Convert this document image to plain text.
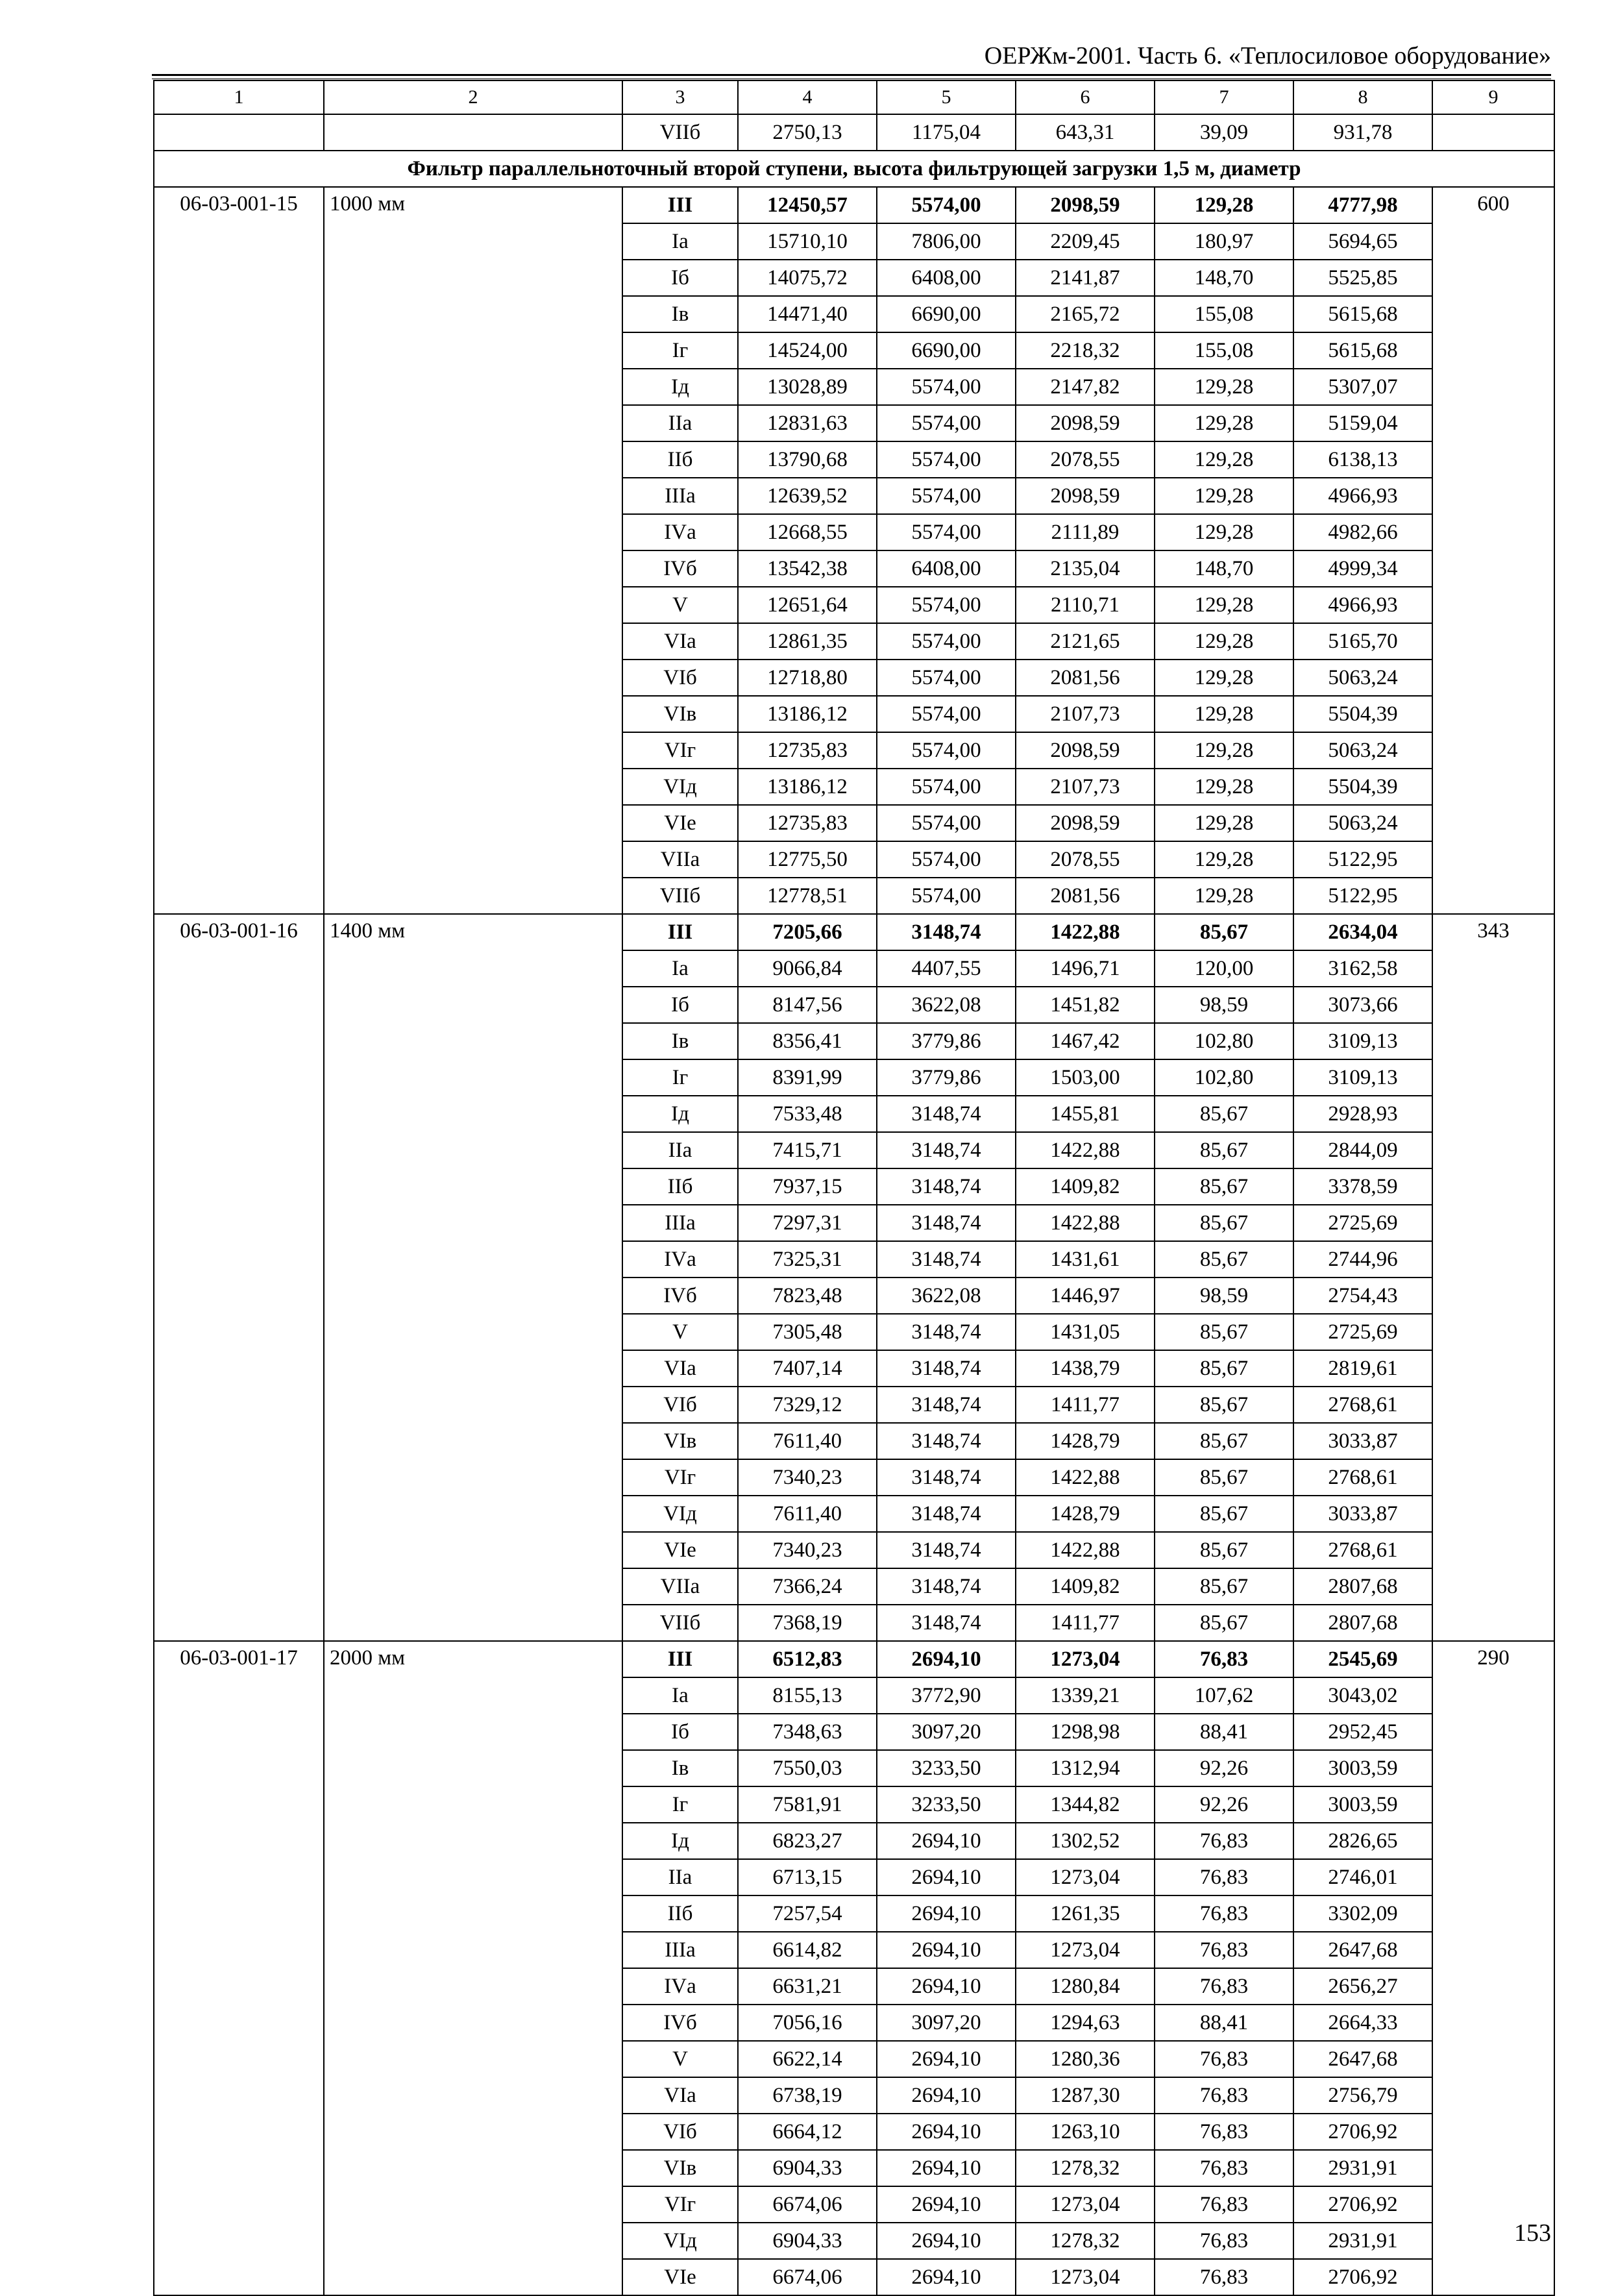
ОЕРЖм-2001. Часть 6. «Теплосиловое оборудование»
1	2	3	4	5	6	7	8	9
		VIIб	2750,13	1175,04	643,31	39,09	931,78	
Фильтр параллельноточный второй ступени, высота фильтрующей загрузки 1,5 м, диаметр								
06-03-001-15	1000 мм	III	12450,57	5574,00	2098,59	129,28	4777,98	600
		Iа	15710,10	7806,00	2209,45	180,97	5694,65	
		Iб	14075,72	6408,00	2141,87	148,70	5525,85	
		Iв	14471,40	6690,00	2165,72	155,08	5615,68	
		Iг	14524,00	6690,00	2218,32	155,08	5615,68	
		Iд	13028,89	5574,00	2147,82	129,28	5307,07	
		IIа	12831,63	5574,00	2098,59	129,28	5159,04	
		IIб	13790,68	5574,00	2078,55	129,28	6138,13	
		IIIа	12639,52	5574,00	2098,59	129,28	4966,93	
		IVа	12668,55	5574,00	2111,89	129,28	4982,66	
		IVб	13542,38	6408,00	2135,04	148,70	4999,34	
		V	12651,64	5574,00	2110,71	129,28	4966,93	
		VIа	12861,35	5574,00	2121,65	129,28	5165,70	
		VIб	12718,80	5574,00	2081,56	129,28	5063,24	
		VIв	13186,12	5574,00	2107,73	129,28	5504,39	
		VIг	12735,83	5574,00	2098,59	129,28	5063,24	
		VIд	13186,12	5574,00	2107,73	129,28	5504,39	
		VIе	12735,83	5574,00	2098,59	129,28	5063,24	
		VIIа	12775,50	5574,00	2078,55	129,28	5122,95	
		VIIб	12778,51	5574,00	2081,56	129,28	5122,95	
06-03-001-16	1400 мм	III	7205,66	3148,74	1422,88	85,67	2634,04	343
		Iа	9066,84	4407,55	1496,71	120,00	3162,58	
		Iб	8147,56	3622,08	1451,82	98,59	3073,66	
		Iв	8356,41	3779,86	1467,42	102,80	3109,13	
		Iг	8391,99	3779,86	1503,00	102,80	3109,13	
		Iд	7533,48	3148,74	1455,81	85,67	2928,93	
		IIа	7415,71	3148,74	1422,88	85,67	2844,09	
		IIб	7937,15	3148,74	1409,82	85,67	3378,59	
		IIIа	7297,31	3148,74	1422,88	85,67	2725,69	
		IVа	7325,31	3148,74	1431,61	85,67	2744,96	
		IVб	7823,48	3622,08	1446,97	98,59	2754,43	
		V	7305,48	3148,74	1431,05	85,67	2725,69	
		VIа	7407,14	3148,74	1438,79	85,67	2819,61	
		VIб	7329,12	3148,74	1411,77	85,67	2768,61	
		VIв	7611,40	3148,74	1428,79	85,67	3033,87	
		VIг	7340,23	3148,74	1422,88	85,67	2768,61	
		VIд	7611,40	3148,74	1428,79	85,67	3033,87	
		VIе	7340,23	3148,74	1422,88	85,67	2768,61	
		VIIа	7366,24	3148,74	1409,82	85,67	2807,68	
		VIIб	7368,19	3148,74	1411,77	85,67	2807,68	
06-03-001-17	2000 мм	III	6512,83	2694,10	1273,04	76,83	2545,69	290
		Iа	8155,13	3772,90	1339,21	107,62	3043,02	
		Iб	7348,63	3097,20	1298,98	88,41	2952,45	
		Iв	7550,03	3233,50	1312,94	92,26	3003,59	
		Iг	7581,91	3233,50	1344,82	92,26	3003,59	
		Iд	6823,27	2694,10	1302,52	76,83	2826,65	
		IIа	6713,15	2694,10	1273,04	76,83	2746,01	
		IIб	7257,54	2694,10	1261,35	76,83	3302,09	
		IIIа	6614,82	2694,10	1273,04	76,83	2647,68	
		IVа	6631,21	2694,10	1280,84	76,83	2656,27	
		IVб	7056,16	3097,20	1294,63	88,41	2664,33	
		V	6622,14	2694,10	1280,36	76,83	2647,68	
		VIа	6738,19	2694,10	1287,30	76,83	2756,79	
		VIб	6664,12	2694,10	1263,10	76,83	2706,92	
		VIв	6904,33	2694,10	1278,32	76,83	2931,91	
		VIг	6674,06	2694,10	1273,04	76,83	2706,92	
		VIд	6904,33	2694,10	1278,32	76,83	2931,91	
		VIе	6674,06	2694,10	1273,04	76,83	2706,92	
153
